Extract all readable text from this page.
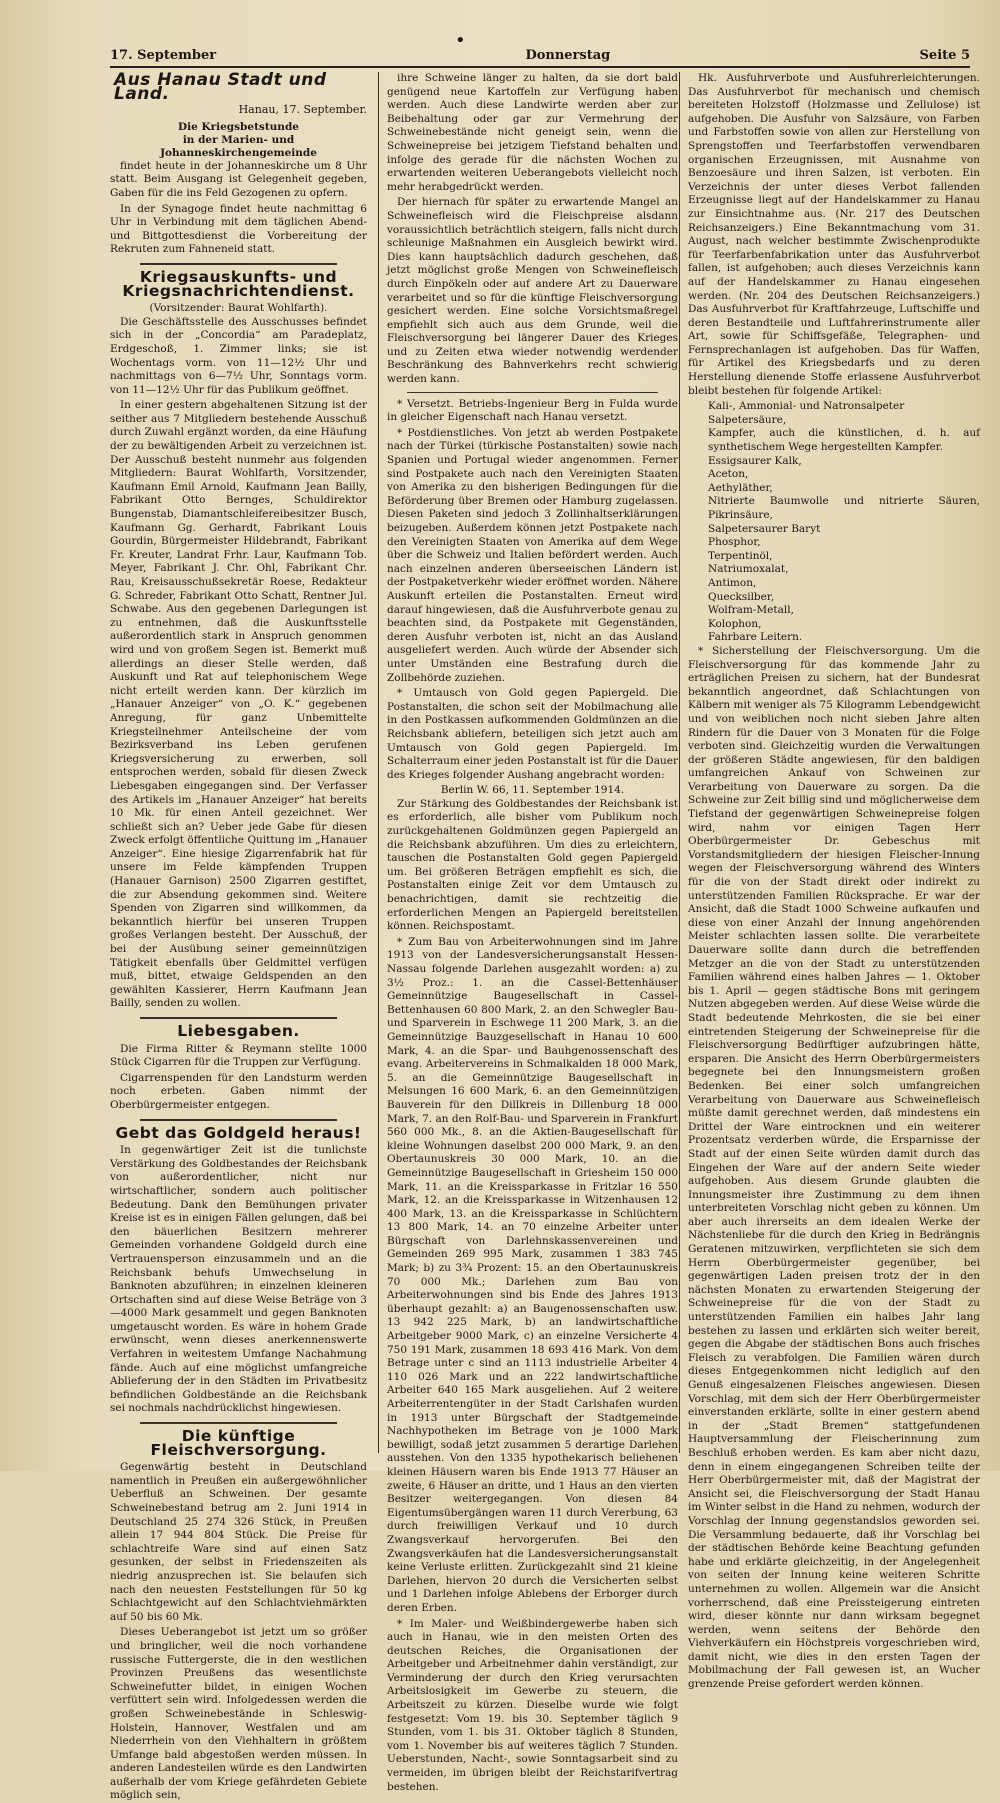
•
17. September	Donnerstag	Seite 5
Aus Hanau Stadt und Land.
Hanau, 17. September.
Die Kriegsbetstunde
in der Marien- und Johanneskirchengemeinde

findet heute in der Johanneskirche um 8 Uhr statt. Beim Ausgang ist Gelegenheit gegeben, Gaben für die ins Feld Gezogenen zu opfern.

In der Synagoge findet heute nachmittag 6 Uhr in Verbindung mit dem täglichen Abend- und Bittgottesdienst die Vorbereitung der Rekruten zum Fahneneid statt.

Kriegsauskunfts- und Kriegsnachrichtendienst.
(Vorsitzender: Baurat Wohlfarth).

Die Geschäftsstelle des Ausschusses befindet sich in der „Concordia“ am Paradeplatz, Erdgeschoß, 1. Zimmer links; sie ist Wochentags vorm. von 11—12½ Uhr und nachmittags von 6—7½ Uhr, Sonntags vorm. von 11—12½ Uhr für das Publikum geöffnet.

In einer gestern abgehaltenen Sitzung ist der seither aus 7 Mitgliedern bestehende Ausschuß durch Zuwahl ergänzt worden, da eine Häufung der zu bewältigenden Arbeit zu verzeichnen ist. Der Ausschuß besteht nunmehr aus folgenden Mitgliedern: Baurat Wohlfarth, Vorsitzender, Kaufmann Emil Arnold, Kaufmann Jean Bailly, Fabrikant Otto Bernges, Schuldirektor Bungenstab, Diamantschleifereibesitzer Busch, Kaufmann Gg. Gerhardt, Fabrikant Louis Gourdin, Bürgermeister Hildebrandt, Fabrikant Fr. Kreuter, Landrat Frhr. Laur, Kaufmann Tob. Meyer, Fabrikant J. Chr. Ohl, Fabrikant Chr. Rau, Kreisausschußsekretär Roese, Redakteur G. Schreder, Fabrikant Otto Schatt, Rentner Jul. Schwabe. Aus den gegebenen Darlegungen ist zu entnehmen, daß die Auskunftsstelle außerordentlich stark in Anspruch genommen wird und von großem Segen ist. Bemerkt muß allerdings an dieser Stelle werden, daß Auskunft und Rat auf telephonischem Wege nicht erteilt werden kann. Der kürzlich im „Hanauer Anzeiger“ von „O. K.“ gegebenen Anregung, für ganz Unbemittelte Kriegsteilnehmer Anteilscheine der vom Bezirksverband ins Leben gerufenen Kriegsversicherung zu erwerben, soll entsprochen werden, sobald für diesen Zweck Liebesgaben eingegangen sind. Der Verfasser des Artikels im „Hanauer Anzeiger“ hat bereits 10 Mk. für einen Anteil gezeichnet. Wer schließt sich an? Ueber jede Gabe für diesen Zweck erfolgt öffentliche Quittung im „Hanauer Anzeiger“. Eine hiesige Zigarrenfabrik hat für unsere im Felde kämpfenden Truppen (Hanauer Garnison) 2500 Zigarren gestiftet, die zur Absendung gekommen sind. Weitere Spenden von Zigarren sind willkommen, da bekanntlich hierfür bei unseren Truppen großes Verlangen besteht. Der Ausschuß, der bei der Ausübung seiner gemeinnützigen Tätigkeit ebenfalls über Geldmittel verfügen muß, bittet, etwaige Geldspenden an den gewählten Kassierer, Herrn Kaufmann Jean Bailly, senden zu wollen.

Liebesgaben.

Die Firma Ritter & Reymann stellte 1000 Stück Cigarren für die Truppen zur Verfügung.

Cigarrenspenden für den Landsturm werden noch erbeten. Gaben nimmt der Oberbürgermeister entgegen.

Gebt das Goldgeld heraus!

In gegenwärtiger Zeit ist die tunlichste Verstärkung des Goldbestandes der Reichsbank von außerordentlicher, nicht nur wirtschaftlicher, sondern auch politischer Bedeutung. Dank den Bemühungen privater Kreise ist es in einigen Fällen gelungen, daß bei den bäuerlichen Besitzern mehrerer Gemeinden vorhandene Goldgeld durch eine Vertrauensperson einzusammeln und an die Reichsbank behufs Umwechselung in Banknoten abzuführen; in einzelnen kleineren Ortschaften sind auf diese Weise Beträge von 3—4000 Mark gesammelt und gegen Banknoten umgetauscht worden. Es wäre in hohem Grade erwünscht, wenn dieses anerkennenswerte Verfahren in weitestem Umfange Nachahmung fände. Auch auf eine möglichst umfangreiche Ablieferung der in den Städten im Privatbesitz befindlichen Goldbestände an die Reichsbank sei nochmals nachdrücklichst hingewiesen.

Die künftige Fleischversorgung.

Gegenwärtig besteht in Deutschland namentlich in Preußen ein außergewöhnlicher Ueberfluß an Schweinen. Der gesamte Schweinebestand betrug am 2. Juni 1914 in Deutschland 25 274 326 Stück, in Preußen allein 17 944 804 Stück. Die Preise für schlachtreife Ware sind auf einen Satz gesunken, der selbst in Friedenszeiten als niedrig anzusprechen ist. Sie belaufen sich nach den neuesten Feststellungen für 50 kg Schlachtgewicht auf den Schlachtviehmärkten auf 50 bis 60 Mk.

Dieses Ueberangebot ist jetzt um so größer und bringlicher, weil die noch vorhandene russische Futtergerste, die in den westlichen Provinzen Preußens das wesentlichste Schweinefutter bildet, in einigen Wochen verfüttert sein wird. Infolgedessen werden die großen Schweinebestände in Schleswig-Holstein, Hannover, Westfalen und am Niederrhein von den Viehhaltern in größtem Umfange bald abgestoßen werden müssen. In anderen Landesteilen würde es den Landwirten außerhalb der vom Kriege gefährdeten Gebiete möglich sein,

ihre Schweine länger zu halten, da sie dort bald genügend neue Kartoffeln zur Verfügung haben werden. Auch diese Landwirte werden aber zur Beibehaltung oder gar zur Vermehrung der Schweinebestände nicht geneigt sein, wenn die Schweinepreise bei jetzigem Tiefstand behalten und infolge des gerade für die nächsten Wochen zu erwartenden weiteren Ueberangebots vielleicht noch mehr herabgedrückt werden.

Der hiernach für später zu erwartende Mangel an Schweinefleisch wird die Fleischpreise alsdann voraussichtlich beträchtlich steigern, falls nicht durch schleunige Maßnahmen ein Ausgleich bewirkt wird. Dies kann hauptsächlich dadurch geschehen, daß jetzt möglichst große Mengen von Schweinefleisch durch Einpökeln oder auf andere Art zu Dauerware verarbeitet und so für die künftige Fleischversorgung gesichert werden. Eine solche Vorsichtsmaßregel empfiehlt sich auch aus dem Grunde, weil die Fleischversorgung bei längerer Dauer des Krieges und zu Zeiten etwa wieder notwendig werdender Beschränkung des Bahnverkehrs recht schwierig werden kann.

* Versetzt. Betriebs-Ingenieur Berg in Fulda wurde in gleicher Eigenschaft nach Hanau versetzt.

* Postdienstliches. Von jetzt ab werden Postpakete nach der Türkei (türkische Postanstalten) sowie nach Spanien und Portugal wieder angenommen. Ferner sind Postpakete auch nach den Vereinigten Staaten von Amerika zu den bisherigen Bedingungen für die Beförderung über Bremen oder Hamburg zugelassen. Diesen Paketen sind jedoch 3 Zollinhaltserklärungen beizugeben. Außerdem können jetzt Postpakete nach den Vereinigten Staaten von Amerika auf dem Wege über die Schweiz und Italien befördert werden. Auch nach einzelnen anderen überseeischen Ländern ist der Postpaketverkehr wieder eröffnet worden. Nähere Auskunft erteilen die Postanstalten. Erneut wird darauf hingewiesen, daß die Ausfuhrverbote genau zu beachten sind, da Postpakete mit Gegenständen, deren Ausfuhr verboten ist, nicht an das Ausland ausgeliefert werden. Auch würde der Absender sich unter Umständen eine Bestrafung durch die Zollbehörde zuziehen.

* Umtausch von Gold gegen Papiergeld. Die Postanstalten, die schon seit der Mobilmachung alle in den Postkassen aufkommenden Goldmünzen an die Reichsbank abliefern, beteiligen sich jetzt auch am Umtausch von Gold gegen Papiergeld. Im Schalterraum einer jeden Postanstalt ist für die Dauer des Krieges folgender Aushang angebracht worden:

Berlin W. 66, 11. September 1914.

Zur Stärkung des Goldbestandes der Reichsbank ist es erforderlich, alle bisher vom Publikum noch zurückgehaltenen Goldmünzen gegen Papiergeld an die Reichsbank abzuführen. Um dies zu erleichtern, tauschen die Postanstalten Gold gegen Papiergeld um. Bei größeren Beträgen empfiehlt es sich, die Postanstalten einige Zeit vor dem Umtausch zu benachrichtigen, damit sie rechtzeitig die erforderlichen Mengen an Papiergeld bereitstellen können. Reichspostamt.

* Zum Bau von Arbeiterwohnungen sind im Jahre 1913 von der Landesversicherungsanstalt Hessen-Nassau folgende Darlehen ausgezahlt worden: a) zu 3½ Proz.: 1. an die Cassel-Bettenhäuser Gemeinnützige Baugesellschaft in Cassel-Bettenhausen 60 800 Mark, 2. an den Schwegler Bau- und Sparverein in Eschwege 11 200 Mark, 3. an die Gemeinnützige Bauzgesellschaft in Hanau 10 600 Mark, 4. an die Spar- und Bauhgenossenschaft des evang. Arbeitervereins in Schmalkalden 18 000 Mark, 5. an die Gemeinnützige Baugesellschaft in Melsungen 16 600 Mark, 6. an den Gemeinnützigen Bauverein für den Dillkreis in Dillenburg 18 000 Mark, 7. an den Rolf-Bau- und Sparverein in Frankfurt 560 000 Mk., 8. an die Aktien-Baugesellschaft für kleine Wohnungen daselbst 200 000 Mark, 9. an den Obertaunuskreis 30 000 Mark, 10. an die Gemeinnützige Baugesellschaft in Griesheim 150 000 Mark, 11. an die Kreissparkasse in Fritzlar 16 550 Mark, 12. an die Kreissparkasse in Witzenhausen 12 400 Mark, 13. an die Kreissparkasse in Schlüchtern 13 800 Mark, 14. an 70 einzelne Arbeiter unter Bürgschaft von Darlehnskassenvereinen und Gemeinden 269 995 Mark, zusammen 1 383 745 Mark; b) zu 3¾ Prozent: 15. an den Obertaunuskreis 70 000 Mk.; Darlehen zum Bau von Arbeiterwohnungen sind bis Ende des Jahres 1913 überhaupt gezahlt: a) an Baugenossenschaften usw. 13 942 225 Mark, b) an landwirtschaftliche Arbeitgeber 9000 Mark, c) an einzelne Versicherte 4 750 191 Mark, zusammen 18 693 416 Mark. Von dem Betrage unter c sind an 1113 industrielle Arbeiter 4 110 026 Mark und an 222 landwirtschaftliche Arbeiter 640 165 Mark ausgeliehen. Auf 2 weitere Arbeiterrentengüter in der Stadt Carlshafen wurden in 1913 unter Bürgschaft der Stadtgemeinde Nachhypotheken im Betrage von je 1000 Mark bewilligt, sodaß jetzt zusammen 5 derartige Darlehen ausstehen. Von den 1335 hypothekarisch beliehenen kleinen Häusern waren bis Ende 1913 77 Häuser an zweite, 6 Häuser an dritte, und 1 Haus an den vierten Besitzer weitergegangen. Von diesen 84 Eigentumsübergängen waren 11 durch Vererbung, 63 durch freiwilligen Verkauf und 10 durch Zwangsverkauf hervorgerufen. Bei den Zwangsverkäufen hat die Landesversicherungsanstalt keine Verluste erlitten. Zurückgezahlt sind 21 kleine Darlehen, hiervon 20 durch die Versicherten selbst und 1 Darlehen infolge Ablebens der Erborger durch deren Erben.

* Im Maler- und Weißbindergewerbe haben sich auch in Hanau, wie in den meisten Orten des deutschen Reiches, die Organisationen der Arbeitgeber und Arbeitnehmer dahin verständigt, zur Verminderung der durch den Krieg verursachten Arbeitslosigkeit im Gewerbe zu steuern, die Arbeitszeit zu kürzen. Dieselbe wurde wie folgt festgesetzt: Vom 19. bis 30. September täglich 9 Stunden, vom 1. bis 31. Oktober täglich 8 Stunden, vom 1. November bis auf weiteres täglich 7 Stunden. Ueberstunden, Nacht-, sowie Sonntagsarbeit sind zu vermeiden, im übrigen bleibt der Reichstarifvertrag bestehen.

Hk. Ausfuhrverbote und Ausfuhrerleichterungen. Das Ausfuhrverbot für mechanisch und chemisch bereiteten Holzstoff (Holzmasse und Zellulose) ist aufgehoben. Die Ausfuhr von Salzsäure, von Farben und Farbstoffen sowie von allen zur Herstellung von Sprengstoffen und Teerfarbstoffen verwendbaren organischen Erzeugnissen, mit Ausnahme von Benzoesäure und ihren Salzen, ist verboten. Ein Verzeichnis der unter dieses Verbot fallenden Erzeugnisse liegt auf der Handelskammer zu Hanau zur Einsichtnahme aus. (Nr. 217 des Deutschen Reichsanzeigers.) Eine Bekanntmachung vom 31. August, nach welcher bestimmte Zwischenprodukte für Teerfarbenfabrikation unter das Ausfuhrverbot fallen, ist aufgehoben; auch dieses Verzeichnis kann auf der Handelskammer zu Hanau eingesehen werden. (Nr. 204 des Deutschen Reichsanzeigers.) Das Ausfuhrverbot für Kraftfahrzeuge, Luftschiffe und deren Bestandteile und Luftfahrerinstrumente aller Art, sowie für Schiffsgefäße, Telegraphen- und Fernsprechanlagen ist aufgehoben. Das für Waffen, für Artikel des Kriegsbedarfs und zu deren Herstellung dienende Stoffe erlassene Ausfuhrverbot bleibt bestehen für folgende Artikel:

Kali-, Ammonial- und Natronsalpeter
Salpetersäure,
Kampfer, auch die künstlichen, d. h. auf synthetischem Wege hergestellten Kampfer.
Essigsaurer Kalk,
Aceton,
Aethyläther,
Nitrierte Baumwolle und nitrierte Säuren, Pikrinsäure,
Salpetersaurer Baryt
Phosphor,
Terpentinöl,
Natriumoxalat,
Antimon,
Quecksilber,
Wolfram-Metall,
Kolophon,
Fahrbare Leitern.

* Sicherstellung der Fleischversorgung. Um die Fleischversorgung für das kommende Jahr zu erträglichen Preisen zu sichern, hat der Bundesrat bekanntlich angeordnet, daß Schlachtungen von Kälbern mit weniger als 75 Kilogramm Lebendgewicht und von weiblichen noch nicht sieben Jahre alten Rindern für die Dauer von 3 Monaten für die Folge verboten sind. Gleichzeitig wurden die Verwaltungen der größeren Städte angewiesen, für den baldigen umfangreichen Ankauf von Schweinen zur Verarbeitung von Dauerware zu sorgen. Da die Schweine zur Zeit billig sind und möglicherweise dem Tiefstand der gegenwärtigen Schweinepreise folgen wird, nahm vor einigen Tagen Herr Oberbürgermeister Dr. Gebeschus mit Vorstandsmitgliedern der hiesigen Fleischer-Innung wegen der Fleischversorgung während des Winters für die von der Stadt direkt oder indirekt zu unterstützenden Familien Rücksprache. Er war der Ansicht, daß die Stadt 1000 Schweine aufkaufen und diese von einer Anzahl der Innung angehörenden Meister schlachten lassen sollte. Die verarbeitete Dauerware sollte dann durch die betreffenden Metzger an die von der Stadt zu unterstützenden Familien während eines halben Jahres — 1. Oktober bis 1. April — gegen städtische Bons mit geringem Nutzen abgegeben werden. Auf diese Weise würde die Stadt bedeutende Mehrkosten, die sie bei einer eintretenden Steigerung der Schweinepreise für die Fleischversorgung Bedürftiger aufzubringen hätte, ersparen. Die Ansicht des Herrn Oberbürgermeisters begegnete bei den Innungsmeistern großen Bedenken. Bei einer solch umfangreichen Verarbeitung von Dauerware aus Schweinefleisch müßte damit gerechnet werden, daß mindestens ein Drittel der Ware eintrocknen und ein weiterer Prozentsatz verderben würde, die Ersparnisse der Stadt auf der einen Seite würden damit durch das Eingehen der Ware auf der andern Seite wieder aufgehoben. Aus diesem Grunde glaubten die Innungsmeister ihre Zustimmung zu dem ihnen unterbreiteten Vorschlag nicht geben zu können. Um aber auch ihrerseits an dem idealen Werke der Nächstenliebe für die durch den Krieg in Bedrängnis Geratenen mitzuwirken, verpflichteten sie sich dem Herrn Oberbürgermeister gegenüber, bei gegenwärtigen Laden preisen trotz der in den nächsten Monaten zu erwartenden Steigerung der Schweinepreise für die von der Stadt zu unterstützenden Familien ein halbes Jahr lang bestehen zu lassen und erklärten sich weiter bereit, gegen die Abgabe der städtischen Bons auch frisches Fleisch zu verabfolgen. Die Familien wären durch dieses Entgegenkommen nicht lediglich auf den Genuß eingesalzenen Fleisches angewiesen. Diesen Vorschlag, mit dem sich der Herr Oberbürgermeister einverstanden erklärte, sollte in einer gestern abend in der „Stadt Bremen“ stattgefundenen Hauptversammlung der Fleischerinnung zum Beschluß erhoben werden. Es kam aber nicht dazu, denn in einem eingegangenen Schreiben teilte der Herr Oberbürgermeister mit, daß der Magistrat der Ansicht sei, die Fleischversorgung der Stadt Hanau im Winter selbst in die Hand zu nehmen, wodurch der Vorschlag der Innung gegenstandslos geworden sei. Die Versammlung bedauerte, daß ihr Vorschlag bei der städtischen Behörde keine Beachtung gefunden habe und erklärte gleichzeitig, in der Angelegenheit von seiten der Innung keine weiteren Schritte unternehmen zu wollen. Allgemein war die Ansicht vorherrschend, daß eine Preissteigerung eintreten wird, dieser könnte nur dann wirksam begegnet werden, wenn seitens der Behörde den Viehverkäufern ein Höchstpreis vorgeschrieben wird, damit nicht, wie dies in den ersten Tagen der Mobilmachung der Fall gewesen ist, an Wucher grenzende Preise gefordert werden können.
